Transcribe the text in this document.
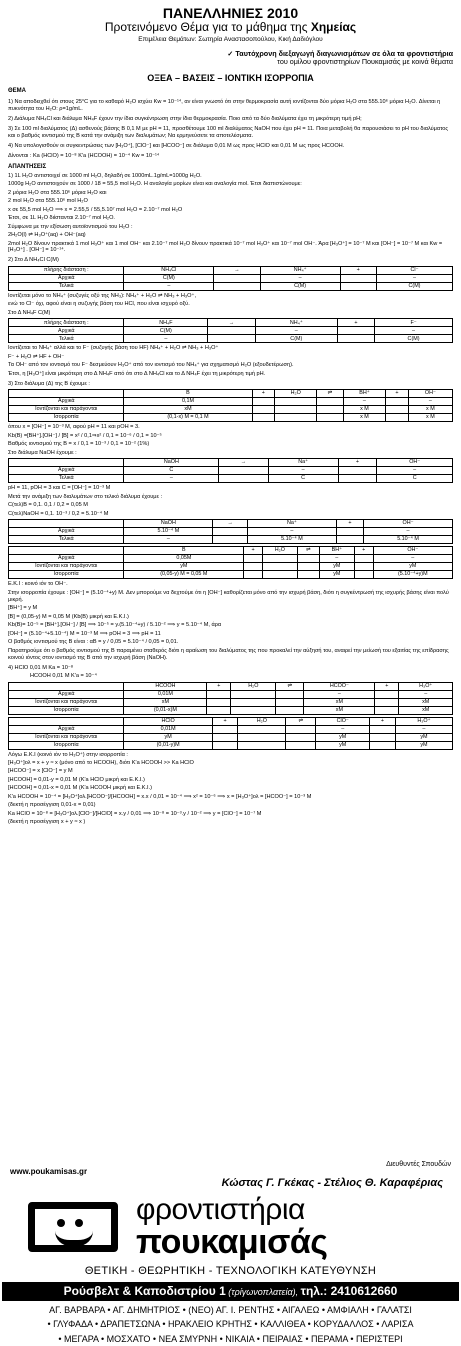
ΠΑΝΕΛΛΗΝΙΕΣ 2010
Προτεινόμενο Θέμα για το μάθημα της Χημείας
Επιμέλεια Θεμάτων: Σωτηρία Αναστασοπούλου, Κική Δαδιόγλου
✓ Ταυτόχρονη διεξαγωγή διαγωνισμάτων σε όλα τα φροντιστήρια
του ομίλου φροντιστηρίων Πουκαμισάς με κοινά θέματα
ΟΞΕΑ – ΒΑΣΕΙΣ – ΙΟΝΤΙΚΗ ΙΣΟΡΡΟΠΙΑ
ΘΕΜΑ

1) Να αποδειχθεί ότι στους 25°C για το καθαρό H₂O ισχύει Kw = 10⁻¹⁴, αν είναι γνωστό ότι στην θερμοκρασία αυτή ιοντίζονται δύο μόρια H₂O στα 555.10⁶ μόρια H₂O. Δίνεται η πυκνότητα του H₂O: ρ=1g/mL.

2) Διάλυμα NH₄Cl και διάλυμα NH₄F έχουν την ίδια συγκέντρωση στην ίδια θερμοκρασία. Ποιο από τα δύο διαλύματα έχει τη μικρότερη τιμή pH;

3) Σε 100 ml διαλύματος (Δ) ασθενούς βάσης B 0,1 M με pH = 11, προσθέτουμε 100 ml διαλύματος NaOH που έχει pH = 11. Ποια μεταβολή θα παρουσιάσει το pH του διαλύματος και ο βαθμός ιοντισμού της B κατά την ανάμιξη των διαλυμάτων; Να ερμηνεύσετε τα αποτελέσματα.

4) Να υπολογισθούν οι συγκεντρώσεις των [H₃O⁺], [ClO⁻] και [HCOO⁻] σε διάλυμα 0,01 M ως προς HClO και 0,01 M ως προς HCOOH.

Δίνονται : Ka (HClO) = 10⁻⁸ K'a (HCOOH) = 10⁻⁴ Kw = 10⁻¹⁴

ΑΠΑΝΤΗΣΕΙΣ

1) 1L H₂O αντιστοιχεί σε 1000 ml H₂O, δηλαδή σε 1000mL.1g/mL=1000g H₂O.

1000g H₂O αντιστοιχούν σε 1000 / 18 = 55,5 mol H₂O. Η αναλογία μορίων είναι και αναλογία mol. Έτσι διαπιστώνουμε:

2 μόρια H₂O στα 555.10⁶ μόρια H₂O και

2 mol H₂O στα 555.10⁶ mol H₂O

x σε 55,5 mol H₂O ⟹ x = 2.55,5 / 55,5.10⁷ mol H₂O = 2.10⁻⁷ mol H₂O

Έτσι, σε 1L H₂O διίστανται 2.10⁻⁷ mol H₂O.

Σύμφωνα με την εξίσωση αυτοϊοντισμού του H₂O :

2H₂O(l) ⇌ H₃O⁺(aq) + OH⁻(aq)

2mol H₂O δίνουν πρακτικά 1 mol H₃O⁺ και 1 mol OH⁻ και 2.10⁻⁷ mol H₂O δίνουν πρακτικά 10⁻⁷ mol H₃O⁺ και 10⁻⁷ mol OH⁻. Άρα [H₃O⁺] = 10⁻⁷ M και [OH⁻] = 10⁻⁷ M και Kw = [H₃O⁺] . [OH⁻] = 10⁻¹⁴.

2) Στο Δ NH₄Cl C(M)

πλήρης διάσταση :	NH₄Cl	→	NH₄⁺	+	Cl⁻
Αρχικά	C(M)		–		–
Τελικά	–		C(M)		C(M)

Ιοντίζεται μόνο το NH₄⁺ (συζυγές οξύ της NH₃): NH₄⁺ + H₂O ⇌ NH₃ + H₃O⁺,

ενώ το Cl⁻ όχι, αφού είναι η συζυγής βάση του HCl, που είναι ισχυρό οξύ.

Στο Δ NH₄F C(M)

πλήρης διάσταση :	NH₄F	→	NH₄⁺	+	F⁻
Αρχικά	C(M)		–		–
Τελικά	–		C(M)		C(M)

Ιοντίζεται το NH₄⁺ αλλά και το F⁻ (συζυγής βάση του HF) NH₄⁺ + H₂O ⇌ NH₃ + H₃O⁺

F⁻ + H₂O ⇌ HF + OH⁻

Τα OH⁻ από τον ιοντισμό του F⁻ δεσμεύουν H₃O⁺ από τον ιοντισμό του NH₄⁺ για σχηματισμό H₂O (εξουδετέρωση).

Έτσι, η [H₃O⁺] είναι μικρότερη στο Δ NH₄F από ότι στο Δ NH₄Cl και το Δ NH₄F έχει τη μικρότερη τιμή pH.

3) Στο διάλυμα (Δ) της B έχουμε :

	B	+	H₂O	⇌	BH⁺	+	OH⁻
Αρχικά	0,1M				–		–
Ιοντίζονται και παράγονται	xM				x M		x M
Ισορροπία	(0,1-x) M = 0,1 M				x M		x M

όπου x = [OH⁻] = 10⁻³ M, αφού pH = 11 και pOH = 3.

Kb(B) =[BH⁺].[OH⁻] / [B] = x² / 0,1⇒x² / 0,1 = 10⁻⁶ / 0,1 = 10⁻⁵

Βαθμός ιοντισμού της B = x / 0,1 = 10⁻³ / 0,1 = 10⁻² (1%)

Στο διάλυμα NaOH έχουμε :

	NaOH	→	Na⁺	+	OH⁻
Αρχικά	C		–		–
Τελικά	–		C		C

pH = 11, pOH = 3 και C = [OH⁻] = 10⁻³ M

Μετά την ανάμιξη των διαλυμάτων στο τελικό διάλυμα έχουμε :

C(τελ)B = 0,1. 0,1 / 0,2 = 0,05 M

C(τελ)NaOH = 0,1. 10⁻³ / 0,2 = 5.10⁻⁴ M

	NaOH	→	Na⁺	+	OH⁻
Αρχικά	5.10⁻⁴ M		–		–
Τελικά	–		5.10⁻⁴ M		5.10⁻⁴ M
	B	+	H₂O	⇌	BH⁺	+	OH⁻
Αρχικά	0,05M				–		–
Ιοντίζονται και παράγονται	yM				yM		yM
Ισορροπία	(0,05-y) M = 0,05 M				yM		(5.10⁻⁴+y)M

Ε.Κ.Ι : κοινό ιόν το OH⁻.

Στην ισορροπία έχουμε : [OH⁻] = (5.10⁻⁴+y) M. Δεν μπορούμε να δεχτούμε ότι η [OH⁻] καθορίζεται μόνο από την ισχυρή βάση, διότι η συγκέντρωσή της ισχυρής βάσης είναι πολύ μικρή.

[BH⁺] = y M

[B] = (0,05-y) M = 0,05 M (Kb(B) μικρή και Ε.Κ.Ι.)

Kb(B)= 10⁻⁵ = [BH⁺].[OH⁻] / [B] ⟹ 10⁻⁵ = y.(5.10⁻⁴+y) / 5.10⁻² ⟹ y = 5.10⁻⁴ M, άρα

[OH⁻] = (5.10⁻⁴+5.10⁻⁴) M = 10⁻³ M ⟹ pOH = 3 ⟹ pH = 11

Ο βαθμός ιοντισμού της B είναι : αB = y / 0,05 = 5.10⁻⁴ / 0,05 = 0,01.

Παρατηρούμε ότι ο βαθμός ιοντισμού της B παραμένει σταθερός διότι η αραίωση του διαλύματος της που προκαλεί την αύξησή του, αναιρεί την μείωσή του εξαιτίας της επίδρασης κοινού ιόντος στον ιοντισμό της B από την ισχυρή βάση (NaOH).

4) HClO 0,01 M Ka = 10⁻⁸

HCOOH 0,01 M K'a = 10⁻⁴

	HCOOH	+	H₂O	⇌	HCOO⁻	+	H₃O⁺
Αρχικά	0,01M				–		–
Ιοντίζονται και παράγονται	xM				xM		xM
Ισορροπία	(0,01-x)M				xM		xM
	HClO	+	H₂O	⇌	ClO⁻	+	H₃O⁺
Αρχικά	0,01M				–		–
Ιοντίζονται και παράγονται	yM				yM		yM
Ισορροπία	(0,01-y)M				yM		yM

Λόγω Ε.Κ.Ι (κοινό ιόν το H₃O⁺) στην ισορροπία :

[H₃O⁺]ολ = x + y ≈ x (μόνο από το HCOOH), διότι K'a HCOOH >> Ka HClO

[HCOO⁻] = x [ClO⁻] = y M

[HCOOH] = 0,01-y = 0,01 M (K'a HClO μικρή και Ε.Κ.Ι.)

[HCOOH] = 0,01-x = 0,01 M (K'a HCOOH μικρή και Ε.Κ.Ι.)

K'a HCOOH = 10⁻⁴ = [H₃O⁺]ολ.[HCOO⁻]/[HCOOH] = x.x / 0,01 = 10⁻⁴ ⟹ x² = 10⁻⁶ ⟹ x = [H₃O⁺]ολ = [HCOO⁻] = 10⁻³ M

(δεκτή η προσέγγιση 0,01-x = 0,01)

Ka HClO = 10⁻⁸ = [H₃O⁺]ολ.[ClO⁻]/[HClO] = x.y / 0,01 ⟹ 10⁻⁸ = 10⁻³.y / 10⁻² ⟹ y = [ClO⁻] = 10⁻⁷ M

(δεκτή η προσέγγιση x + y ≈ x )

www.poukamisas.gr
Διευθυντές Σπουδών
Κώστας Γ. Γκέκας - Στέλιος Θ. Καραφέριας
φροντιστήρια
πουκαμισάς
ΘΕΤΙΚΗ - ΘΕΩΡΗΤΙΚΗ - ΤΕΧΝΟΛΟΓΙΚΗ ΚΑΤΕΥΘΥΝΣΗ
Ρούσβελτ & Καποδιστρίου 1 (τρίγωνοπλατεία), τηλ.: 2410612660

ΑΓ. ΒΑΡΒΑΡΑ • ΑΓ. ΔΗΜΗΤΡΙΟΣ • (ΝΕΟ) ΑΓ. Ι. ΡΕΝΤΗΣ • ΑΙΓΑΛΕΩ • ΑΜΦΙΑΛΗ • ΓΑΛΑΤΣΙ

• ΓΛΥΦΑΔΑ • ΔΡΑΠΕΤΣΩΝΑ • ΗΡΑΚΛΕΙΟ ΚΡΗΤΗΣ • ΚΑΛΛΙΘΕΑ • ΚΟΡΥΔΑΛΛΟΣ • ΛΑΡΙΣΑ

• ΜΕΓΑΡΑ • ΜΟΣΧΑΤΟ • ΝΕΑ ΣΜΥΡΝΗ • ΝΙΚΑΙΑ • ΠΕΙΡΑΙΑΣ • ΠΕΡΑΜΑ • ΠΕΡΙΣΤΕΡΙ
